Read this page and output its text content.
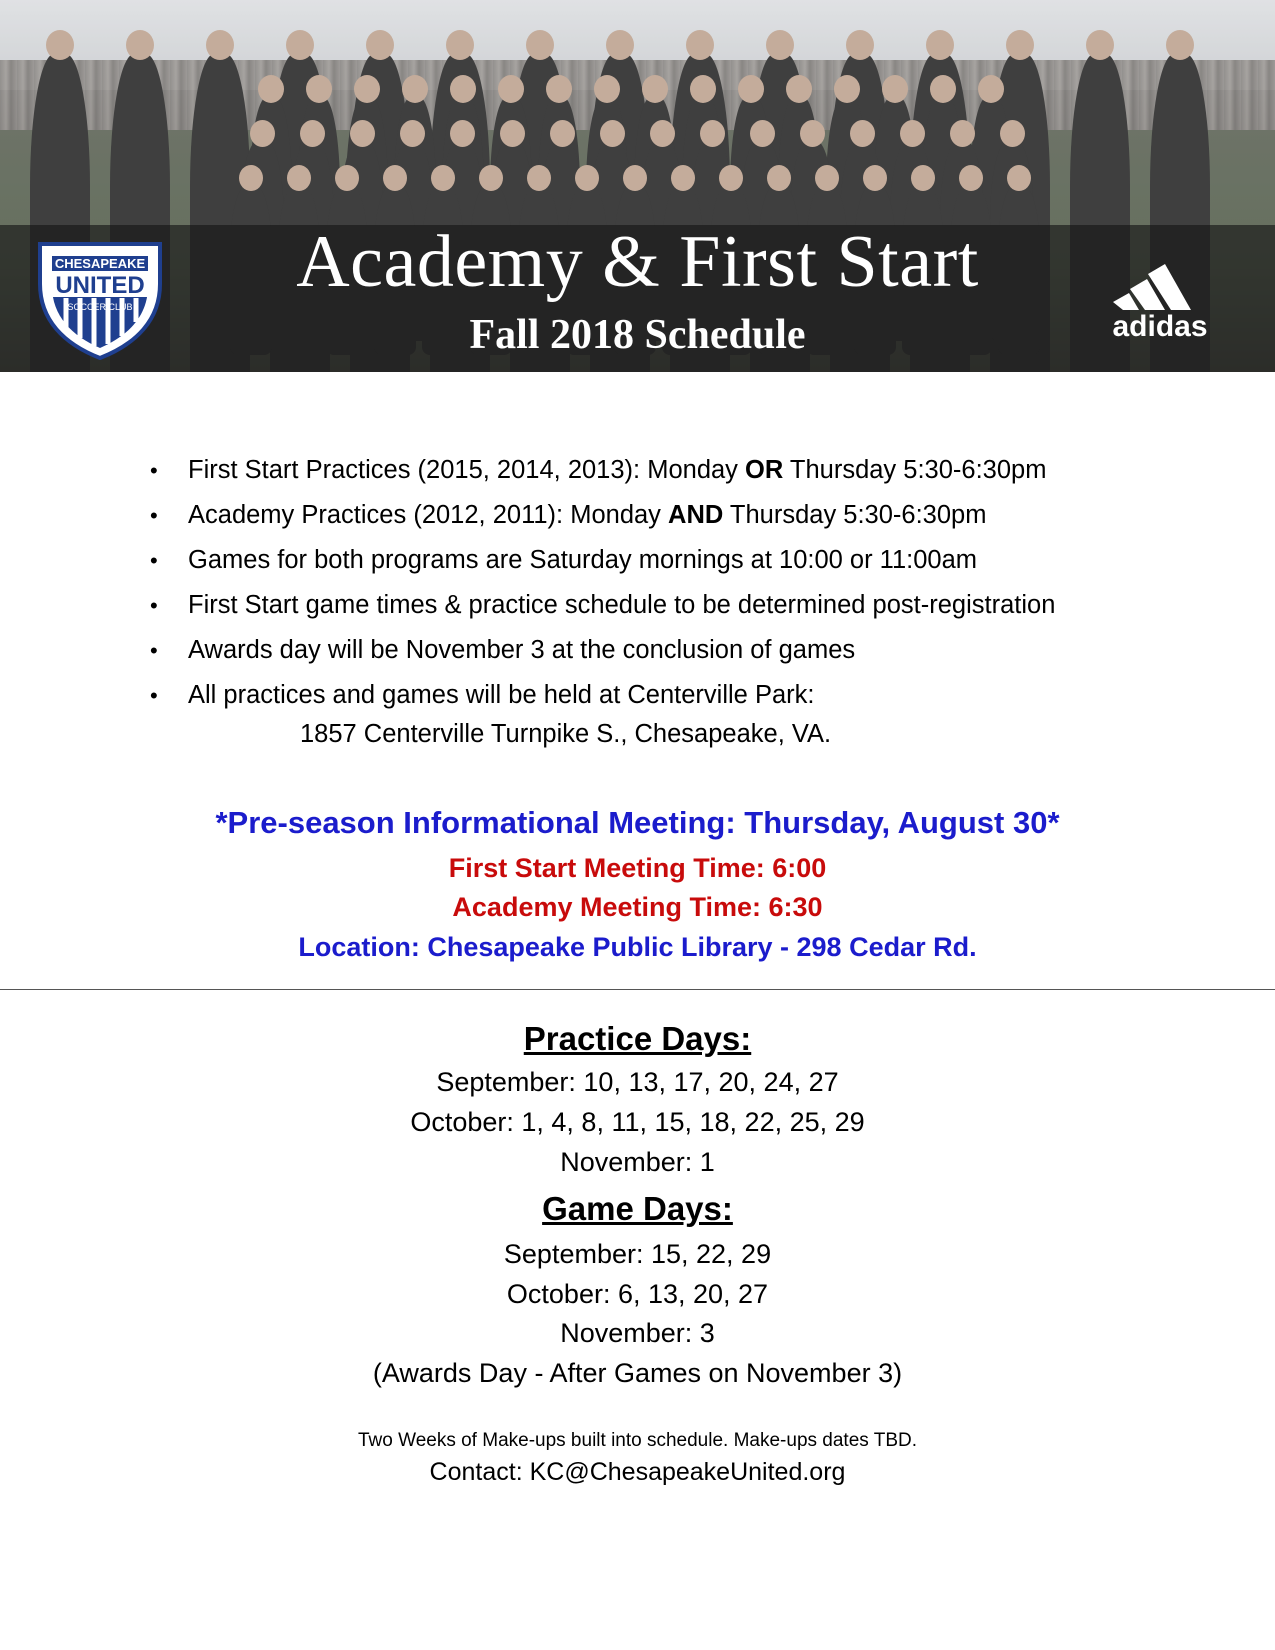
CHESAPEAKE
UNITED
SOCCER CLUB
Academy & First Start
Fall 2018 Schedule	adidas
• First Start Practices (2015, 2014, 2013): Monday OR Thursday 5:30-6:30pm
• Academy Practices (2012, 2011): Monday AND Thursday 5:30-6:30pm
• Games for both programs are Saturday mornings at 10:00 or 11:00am
• First Start game times & practice schedule to be determined post-registration
• Awards day will be November 3 at the conclusion of games
• All practices and games will be held at Centerville Park:
1857 Centerville Turnpike S., Chesapeake, VA.
*Pre-season Informational Meeting: Thursday, August 30*
First Start Meeting Time: 6:00
Academy Meeting Time: 6:30
Location: Chesapeake Public Library - 298 Cedar Rd.
Practice Days:
September: 10, 13, 17, 20, 24, 27
October: 1, 4, 8, 11, 15, 18, 22, 25, 29
November: 1
Game Days:
September: 15, 22, 29
October: 6, 13, 20, 27
November: 3
(Awards Day - After Games on November 3)
Two Weeks of Make-ups built into schedule. Make-ups dates TBD.
Contact: KC@ChesapeakeUnited.org
